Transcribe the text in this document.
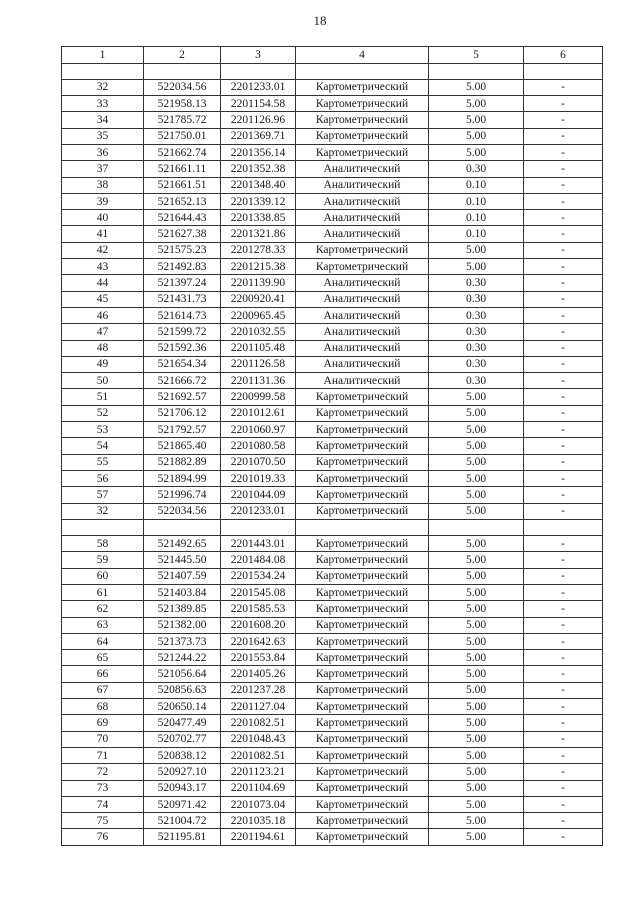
18
1	2	3	4	5	6

32	522034.56	2201233.01	Картометрический	5.00	-
33	521958.13	2201154.58	Картометрический	5.00	-
34	521785.72	2201126.96	Картометрический	5.00	-
35	521750.01	2201369.71	Картометрический	5.00	-
36	521662.74	2201356.14	Картометрический	5.00	-
37	521661.11	2201352.38	Аналитический	0.30	-
38	521661.51	2201348.40	Аналитический	0.10	-
39	521652.13	2201339.12	Аналитический	0.10	-
40	521644.43	2201338.85	Аналитический	0.10	-
41	521627.38	2201321.86	Аналитический	0.10	-
42	521575.23	2201278.33	Картометрический	5.00	-
43	521492.83	2201215.38	Картометрический	5.00	-
44	521397.24	2201139.90	Аналитический	0.30	-
45	521431.73	2200920.41	Аналитический	0.30	-
46	521614.73	2200965.45	Аналитический	0.30	-
47	521599.72	2201032.55	Аналитический	0.30	-
48	521592.36	2201105.48	Аналитический	0.30	-
49	521654.34	2201126.58	Аналитический	0.30	-
50	521666.72	2201131.36	Аналитический	0.30	-
51	521692.57	2200999.58	Картометрический	5.00	-
52	521706.12	2201012.61	Картометрический	5.00	-
53	521792.57	2201060.97	Картометрический	5.00	-
54	521865.40	2201080.58	Картометрический	5.00	-
55	521882.89	2201070.50	Картометрический	5.00	-
56	521894.99	2201019.33	Картометрический	5.00	-
57	521996.74	2201044.09	Картометрический	5.00	-
32	522034.56	2201233.01	Картометрический	5.00	-

58	521492.65	2201443.01	Картометрический	5.00	-
59	521445.50	2201484.08	Картометрический	5.00	-
60	521407.59	2201534.24	Картометрический	5.00	-
61	521403.84	2201545.08	Картометрический	5.00	-
62	521389.85	2201585.53	Картометрический	5.00	-
63	521382.00	2201608.20	Картометрический	5.00	-
64	521373.73	2201642.63	Картометрический	5.00	-
65	521244.22	2201553.84	Картометрический	5.00	-
66	521056.64	2201405.26	Картометрический	5.00	-
67	520856.63	2201237.28	Картометрический	5.00	-
68	520650.14	2201127.04	Картометрический	5.00	-
69	520477.49	2201082.51	Картометрический	5.00	-
70	520702.77	2201048.43	Картометрический	5.00	-
71	520838.12	2201082.51	Картометрический	5.00	-
72	520927.10	2201123.21	Картометрический	5.00	-
73	520943.17	2201104.69	Картометрический	5.00	-
74	520971.42	2201073.04	Картометрический	5.00	-
75	521004.72	2201035.18	Картометрический	5.00	-
76	521195.81	2201194.61	Картометрический	5.00	-
